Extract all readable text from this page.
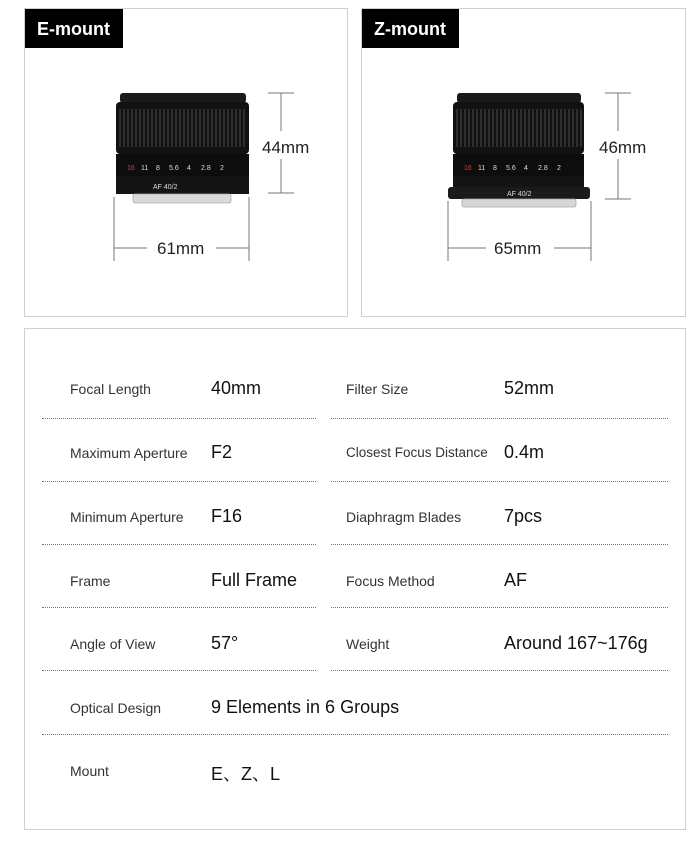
E-mount
16 11 8 5.6 4 2.8 2
AF 40/2
44mm
61mm
Z-mount
16 11 8 5.6 4 2.8 2
AF 40/2
46mm
65mm
Focal Length	40mm	Filter Size	52mm
Maximum Aperture F2	Closest Focus Distance 0.4m
Minimum Aperture F16	Diaphragm Blades 7pcs
Frame	Full Frame	Focus Method	AF
Angle of View	57°	Weight	Around 167~176g
Optical Design	9 Elements in 6 Groups
Mount	E、Z、L
